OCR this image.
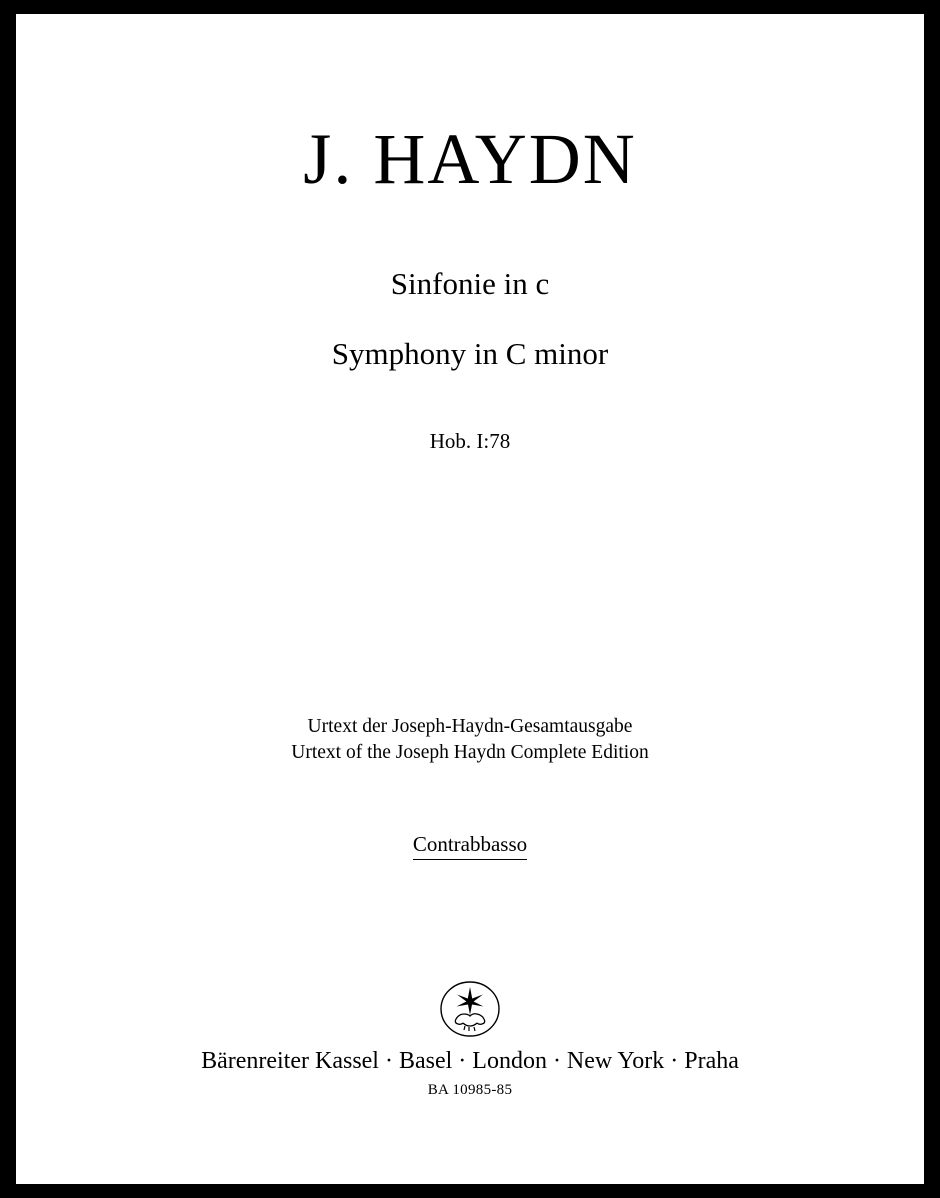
J. HAYDN
Sinfonie in c
Symphony in C minor
Hob. I:78
Urtext der Joseph-Haydn-Gesamtausgabe
Urtext of the Joseph Haydn Complete Edition
Contrabbasso
Bärenreiter Kassel · Basel · London · New York · Praha
BA 10985-85
